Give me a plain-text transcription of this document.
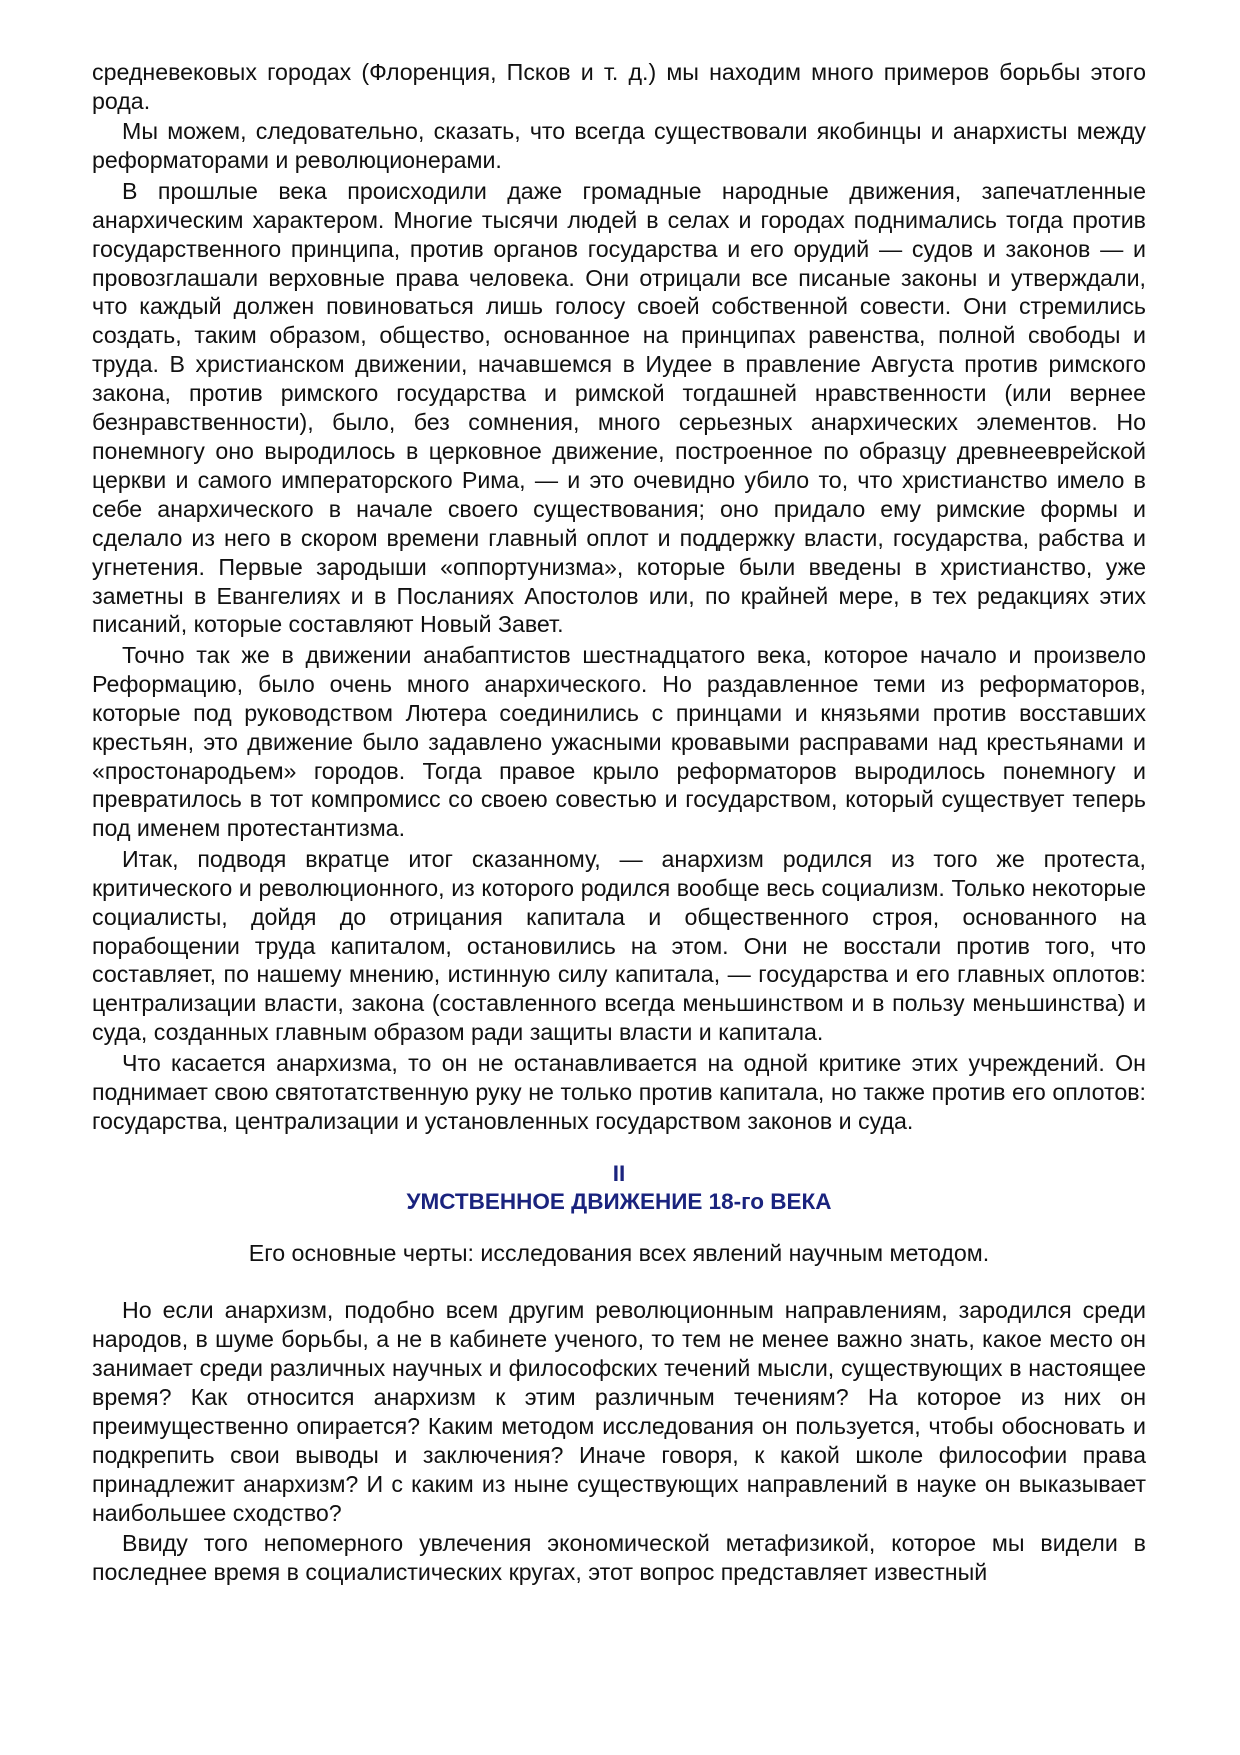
средневековых городах (Флоренция, Псков и т. д.) мы находим много примеров борьбы этого рода.

Мы можем, следовательно, сказать, что всегда существовали якобинцы и анархисты между реформаторами и революционерами.

В прошлые века происходили даже громадные народные движения, запечатленные анархическим характером. Многие тысячи людей в селах и городах поднимались тогда против государственного принципа, против органов государства и его орудий — судов и законов — и провозглашали верховные права человека. Они отрицали все писаные законы и утверждали, что каждый должен повиноваться лишь голосу своей собственной совести. Они стремились создать, таким образом, общество, основанное на принципах равенства, полной свободы и труда. В христианском движении, начавшемся в Иудее в правление Августа против римского закона, против римского государства и римской тогдашней нравственности (или вернее безнравственности), было, без сомнения, много серьезных анархических элементов. Но понемногу оно выродилось в церковное движение, построенное по образцу древнееврейской церкви и самого императорского Рима, — и это очевидно убило то, что христианство имело в себе анархического в начале своего существования; оно придало ему римские формы и сделало из него в скором времени главный оплот и поддержку власти, государства, рабства и угнетения. Первые зародыши «оппортунизма», которые были введены в христианство, уже заметны в Евангелиях и в Посланиях Апостолов или, по крайней мере, в тех редакциях этих писаний, которые составляют Новый Завет.

Точно так же в движении анабаптистов шестнадцатого века, которое начало и произвело Реформацию, было очень много анархического. Но раздавленное теми из реформаторов, которые под руководством Лютера соединились с принцами и князьями против восставших крестьян, это движение было задавлено ужасными кровавыми расправами над крестьянами и «простонародьем» городов. Тогда правое крыло реформаторов выродилось понемногу и превратилось в тот компромисс со своею совестью и государством, который существует теперь под именем протестантизма.

Итак, подводя вкратце итог сказанному, — анархизм родился из того же протеста, критического и революционного, из которого родился вообще весь социализм. Только некоторые социалисты, дойдя до отрицания капитала и общественного строя, основанного на порабощении труда капиталом, остановились на этом. Они не восстали против того, что составляет, по нашему мнению, истинную силу капитала, — государства и его главных оплотов: централизации власти, закона (составленного всегда меньшинством и в пользу меньшинства) и суда, созданных главным образом ради защиты власти и капитала.

Что касается анархизма, то он не останавливается на одной критике этих учреждений. Он поднимает свою святотатственную руку не только против капитала, но также против его оплотов: государства, централизации и установленных государством законов и суда.

II
УМСТВЕННОЕ ДВИЖЕНИЕ 18-го ВЕКА
Его основные черты: исследования всех явлений научным методом.

Но если анархизм, подобно всем другим революционным направлениям, зародился среди народов, в шуме борьбы, а не в кабинете ученого, то тем не менее важно знать, какое место он занимает среди различных научных и философских течений мысли, существующих в настоящее время? Как относится анархизм к этим различным течениям? На которое из них он преимущественно опирается? Каким методом исследования он пользуется, чтобы обосновать и подкрепить свои выводы и заключения? Иначе говоря, к какой школе философии права принадлежит анархизм? И с каким из ныне существующих направлений в науке он выказывает наибольшее сходство?

Ввиду того непомерного увлечения экономической метафизикой, которое мы видели в последнее время в социалистических кругах, этот вопрос представляет известный
